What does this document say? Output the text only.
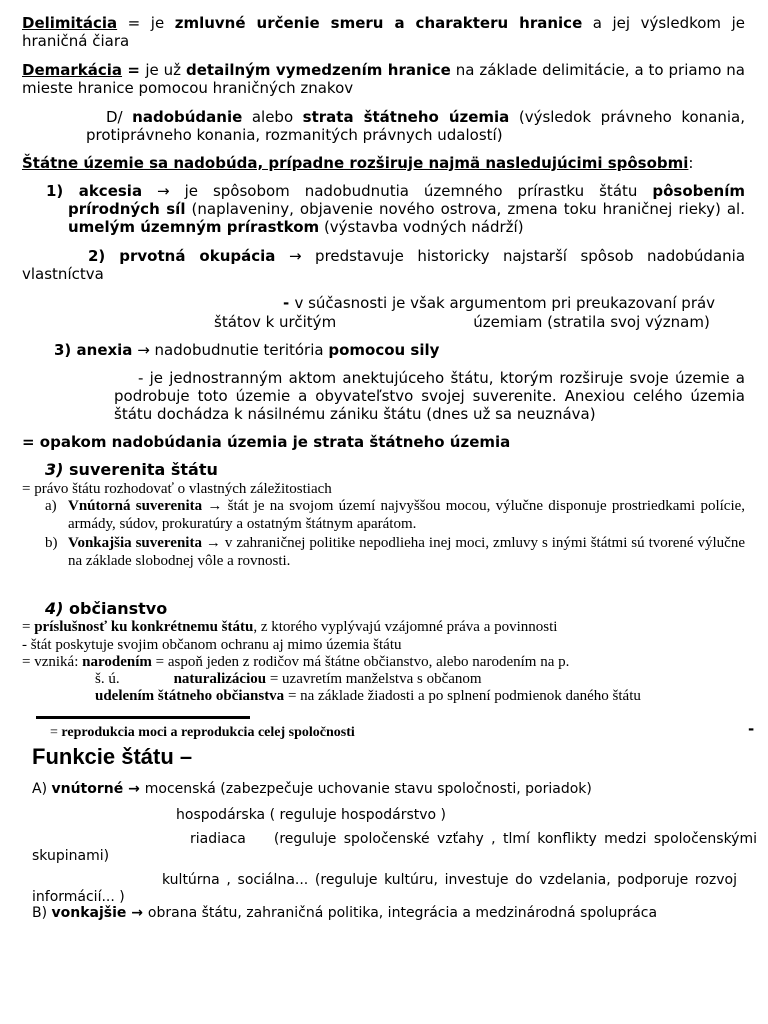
Delimitácia = je zmluvné určenie smeru a charakteru hranice a jej výsledkom je hraničná čiara

Demarkácia = je už detailným vymedzením hranice na základe delimitácie, a to priamo na mieste hranice pomocou hraničných znakov

D/ nadobúdanie alebo strata štátneho územia (výsledok právneho konania, protiprávneho konania, rozmanitých právnych udalostí)

Štátne územie sa nadobúda, prípadne rozširuje najmä nasledujúcimi spôsobmi:

1) akcesia → je spôsobom nadobudnutia územného prírastku štátu pôsobením prírodných síl (naplaveniny, objavenie nového ostrova, zmena toku hraničnej rieky) al. umelým územným prírastkom (výstavba vodných nádrží)

2) prvotná okupácia → predstavuje historicky najstarší spôsob nadobúdania vlastníctva

- v súčasnosti je však argumentom pri preukazovaní práv

štátov k určitým	územiam (stratila svoj význam)

3) anexia → nadobudnutie teritória pomocou sily

- je jednostranným aktom anektujúceho štátu, ktorým rozširuje svoje územie a podrobuje toto územie a obyvateľstvo svojej suverenite. Anexiou celého územia štátu dochádza k násilnému zániku štátu (dnes už sa neuznáva)

= opakom nadobúdania územia je strata štátneho územia

3) suverenita štátu

= právo štátu rozhodovať o vlastných záležitostiach

a) Vnútorná suverenita → štát je na svojom území najvyššou mocou, výlučne disponuje prostriedkami polície, armády, súdov, prokuratúry a ostatným štátnym aparátom.

b) Vonkajšia suverenita → v zahraničnej politike nepodlieha inej moci, zmluvy s inými štátmi sú tvorené výlučne na základe slobodnej vôle a rovnosti.

4) občianstvo

= príslušnosť ku konkrétnemu štátu, z ktorého vyplývajú vzájomné práva a povinnosti

- štát poskytuje svojim občanom ochranu aj mimo územia štátu

= vzniká: narodením = aspoň jeden z rodičov má štátne občianstvo, alebo narodením na p.

š. ú.	naturalizáciou = uzavretím manželstva s občanom

udelením štátneho občianstva = na základe žiadosti a po splnení podmienok daného štátu

= reprodukcia moci a reprodukcia celej spoločnosti	-

Funkcie štátu –

A) vnútorné → mocenská (zabezpečuje uchovanie stavu spoločnosti, poriadok)

hospodárska ( reguluje hospodárstvo )

riadiaca (reguluje spoločenské vzťahy , tlmí konflikty medzi spoločenskými skupinami)

kultúrna , sociálna... (reguluje kultúru, investuje do vzdelania, podporuje rozvoj informácií... )

B) vonkajšie → obrana štátu, zahraničná politika, integrácia a medzinárodná spolupráca
